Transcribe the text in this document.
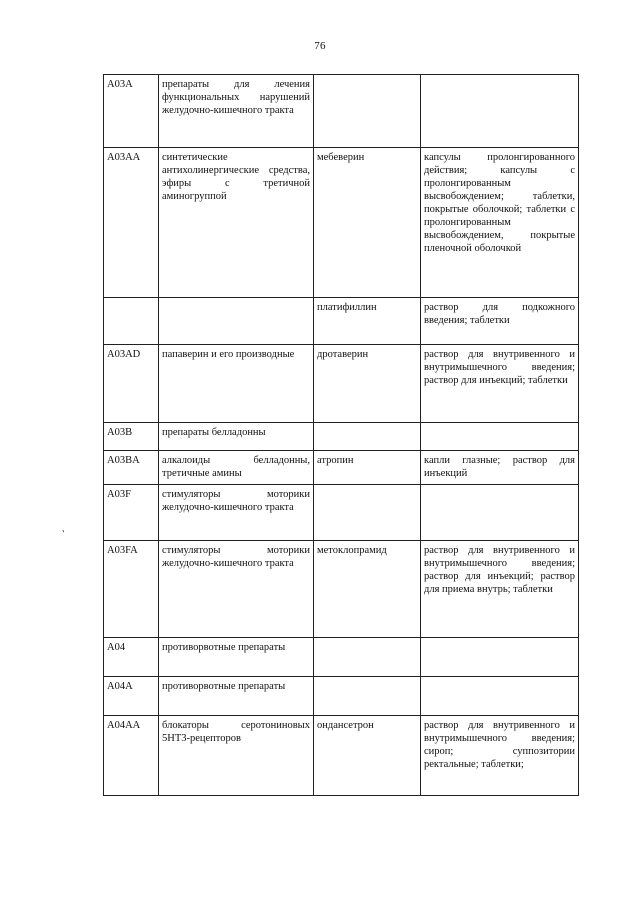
76
ˏ
A03A	препараты для лечения функциональных нарушений желудочно-кишечного тракта		
A03AA	синтетические антихолинергические средства, эфиры с третичной аминогруппой	мебеверин	капсулы пролонгированного действия; капсулы с пролонгированным высвобождением; таблетки, покрытые оболочкой; таблетки с пролонгированным высвобождением, покрытые пленочной оболочкой
		платифиллин	раствор для подкожного введения; таблетки
A03AD	папаверин и его производные	дротаверин	раствор для внутривенного и внутримышечного введения; раствор для инъекций; таблетки
A03B	препараты белладонны		
A03BA	алкалоиды белладонны, третичные амины	атропин	капли глазные; раствор для инъекций
A03F	стимуляторы моторики желудочно-кишечного тракта		
A03FA	стимуляторы моторики желудочно-кишечного тракта	метоклопрамид	раствор для внутривенного и внутримышечного введения; раствор для инъекций; раствор для приема внутрь; таблетки
A04	противорвотные препараты		
A04A	противорвотные препараты		
A04AA	блокаторы серотониновых 5HT3-рецепторов	ондансетрон	раствор для внутривенного и внутримышечного введения; сироп; суппозитории ректальные; таблетки;
